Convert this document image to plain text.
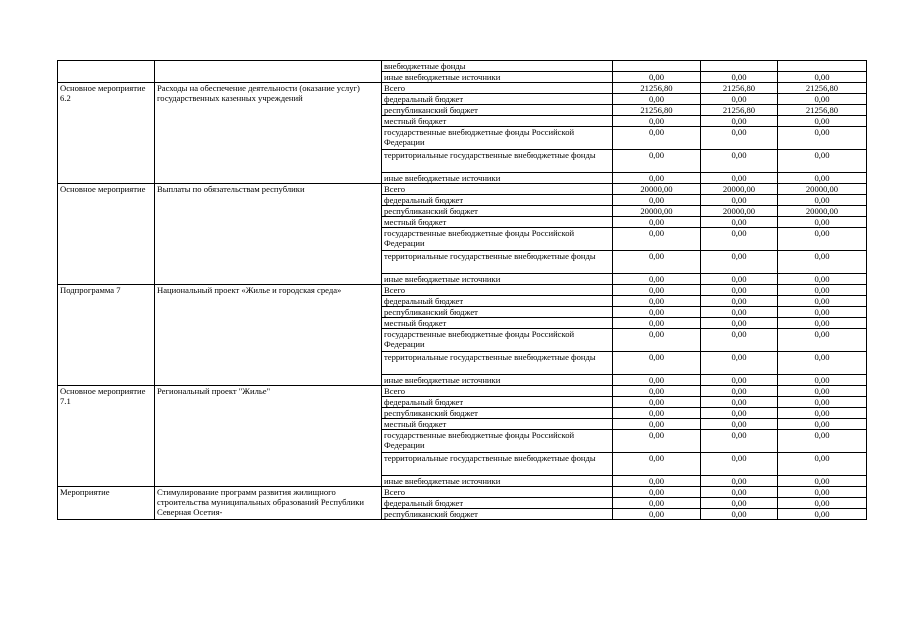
		внебюджетные фонды			
		иные внебюджетные источники	0,00	0,00	0,00
Основное мероприятие 6.2	Расходы на обеспечение деятельности (оказание услуг) государственных казенных учреждений	Всего	21256,80	21256,80	21256,80
		федеральный бюджет	0,00	0,00	0,00
		республиканский бюджет	21256,80	21256,80	21256,80
		местный бюджет	0,00	0,00	0,00
		государственные внебюджетные фонды Российской Федерации	0,00	0,00	0,00
		территориальные государственные внебюджетные фонды	0,00	0,00	0,00
		иные внебюджетные источники	0,00	0,00	0,00
Основное мероприятие	Выплаты по обязательствам республики	Всего	20000,00	20000,00	20000,00
		федеральный бюджет	0,00	0,00	0,00
		республиканский бюджет	20000,00	20000,00	20000,00
		местный бюджет	0,00	0,00	0,00
		государственные внебюджетные фонды Российской Федерации	0,00	0,00	0,00
		территориальные государственные внебюджетные фонды	0,00	0,00	0,00
		иные внебюджетные источники	0,00	0,00	0,00
Подпрограмма 7	Национальный проект «Жилье и городская среда»	Всего	0,00	0,00	0,00
		федеральный бюджет	0,00	0,00	0,00
		республиканский бюджет	0,00	0,00	0,00
		местный бюджет	0,00	0,00	0,00
		государственные внебюджетные фонды Российской Федерации	0,00	0,00	0,00
		территориальные государственные внебюджетные фонды	0,00	0,00	0,00
		иные внебюджетные источники	0,00	0,00	0,00
Основное мероприятие 7.1	Региональный проект "Жилье"	Всего	0,00	0,00	0,00
		федеральный бюджет	0,00	0,00	0,00
		республиканский бюджет	0,00	0,00	0,00
		местный бюджет	0,00	0,00	0,00
		государственные внебюджетные фонды Российской Федерации	0,00	0,00	0,00
		территориальные государственные внебюджетные фонды	0,00	0,00	0,00
		иные внебюджетные источники	0,00	0,00	0,00
Мероприятие	Стимулирование программ развития жилищного строительства муниципальных образований Республики Северная Осетия-	Всего	0,00	0,00	0,00
		федеральный бюджет	0,00	0,00	0,00
		республиканский бюджет	0,00	0,00	0,00
